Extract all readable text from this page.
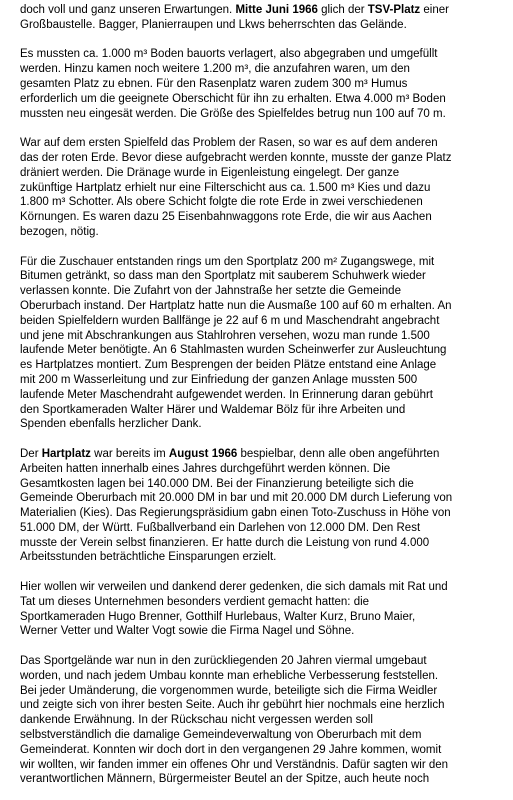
doch voll und ganz unseren Erwartungen. Mitte Juni 1966 glich der TSV-Platz einer
Großbaustelle. Bagger, Planierraupen und Lkws beherrschten das Gelände.
Es mussten ca. 1.000 m³ Boden bauorts verlagert, also abgegraben und umgefüllt
werden. Hinzu kamen noch weitere 1.200 m³, die anzufahren waren, um den
gesamten Platz zu ebnen. Für den Rasenplatz waren zudem 300 m³ Humus
erforderlich um die geeignete Oberschicht für ihn zu erhalten. Etwa 4.000 m³ Boden
mussten neu eingesät werden. Die Größe des Spielfeldes betrug nun 100 auf 70 m.
War auf dem ersten Spielfeld das Problem der Rasen, so war es auf dem anderen
das der roten Erde. Bevor diese aufgebracht werden konnte, musste der ganze Platz
dräniert werden. Die Dränage wurde in Eigenleistung eingelegt. Der ganze
zukünftige Hartplatz erhielt nur eine Filterschicht aus ca. 1.500 m³ Kies und dazu
1.800 m³ Schotter. Als obere Schicht folgte die rote Erde in zwei verschiedenen
Körnungen. Es waren dazu 25 Eisenbahnwaggons rote Erde, die wir aus Aachen
bezogen, nötig.
Für die Zuschauer entstanden rings um den Sportplatz 200 m² Zugangswege, mit
Bitumen getränkt, so dass man den Sportplatz mit sauberem Schuhwerk wieder
verlassen konnte. Die Zufahrt von der Jahnstraße her setzte die Gemeinde
Oberurbach instand. Der Hartplatz hatte nun die Ausmaße 100 auf 60 m erhalten. An
beiden Spielfeldern wurden Ballfänge je 22 auf 6 m und Maschendraht angebracht
und jene mit Abschrankungen aus Stahlrohren versehen, wozu man runde 1.500
laufende Meter benötigte. An 6 Stahlmasten wurden Scheinwerfer zur Ausleuchtung
es Hartplatzes montiert. Zum Besprengen der beiden Plätze entstand eine Anlage
mit 200 m Wasserleitung und zur Einfriedung der ganzen Anlage mussten 500
laufende Meter Maschendraht aufgewendet werden. In Erinnerung daran gebührt
den Sportkameraden Walter Härer und Waldemar Bölz für ihre Arbeiten und
Spenden ebenfalls herzlicher Dank.
Der Hartplatz war bereits im August 1966 bespielbar, denn alle oben angeführten
Arbeiten hatten innerhalb eines Jahres durchgeführt werden können. Die
Gesamtkosten lagen bei 140.000 DM. Bei der Finanzierung beteiligte sich die
Gemeinde Oberurbach mit 20.000 DM in bar und mit 20.000 DM durch Lieferung von
Materialien (Kies). Das Regierungspräsidium gabn einen Toto-Zuschuss in Höhe von
51.000 DM, der Württ. Fußballverband ein Darlehen von 12.000 DM. Den Rest
musste der Verein selbst finanzieren. Er hatte durch die Leistung von rund 4.000
Arbeitsstunden beträchtliche Einsparungen erzielt.
Hier wollen wir verweilen und dankend derer gedenken, die sich damals mit Rat und
Tat um dieses Unternehmen besonders verdient gemacht hatten: die
Sportkameraden Hugo Brenner, Gotthilf Hurlebaus, Walter Kurz, Bruno Maier,
Werner Vetter und Walter Vogt sowie die Firma Nagel und Söhne.
Das Sportgelände war nun in den zurückliegenden 20 Jahren viermal umgebaut
worden, und nach jedem Umbau konnte man erhebliche Verbesserung feststellen.
Bei jeder Umänderung, die vorgenommen wurde, beteiligte sich die Firma Weidler
und zeigte sich von ihrer besten Seite. Auch ihr gebührt hier nochmals eine herzlich
dankende Erwähnung. In der Rückschau nicht vergessen werden soll
selbstverständlich die damalige Gemeindeverwaltung von Oberurbach mit dem
Gemeinderat. Konnten wir doch dort in den vergangenen 29 Jahre kommen, womit
wir wollten, wir fanden immer ein offenes Ohr und Verständnis. Dafür sagten wir den
verantwortlichen Männern, Bürgermeister Beutel an der Spitze, auch heute noch
